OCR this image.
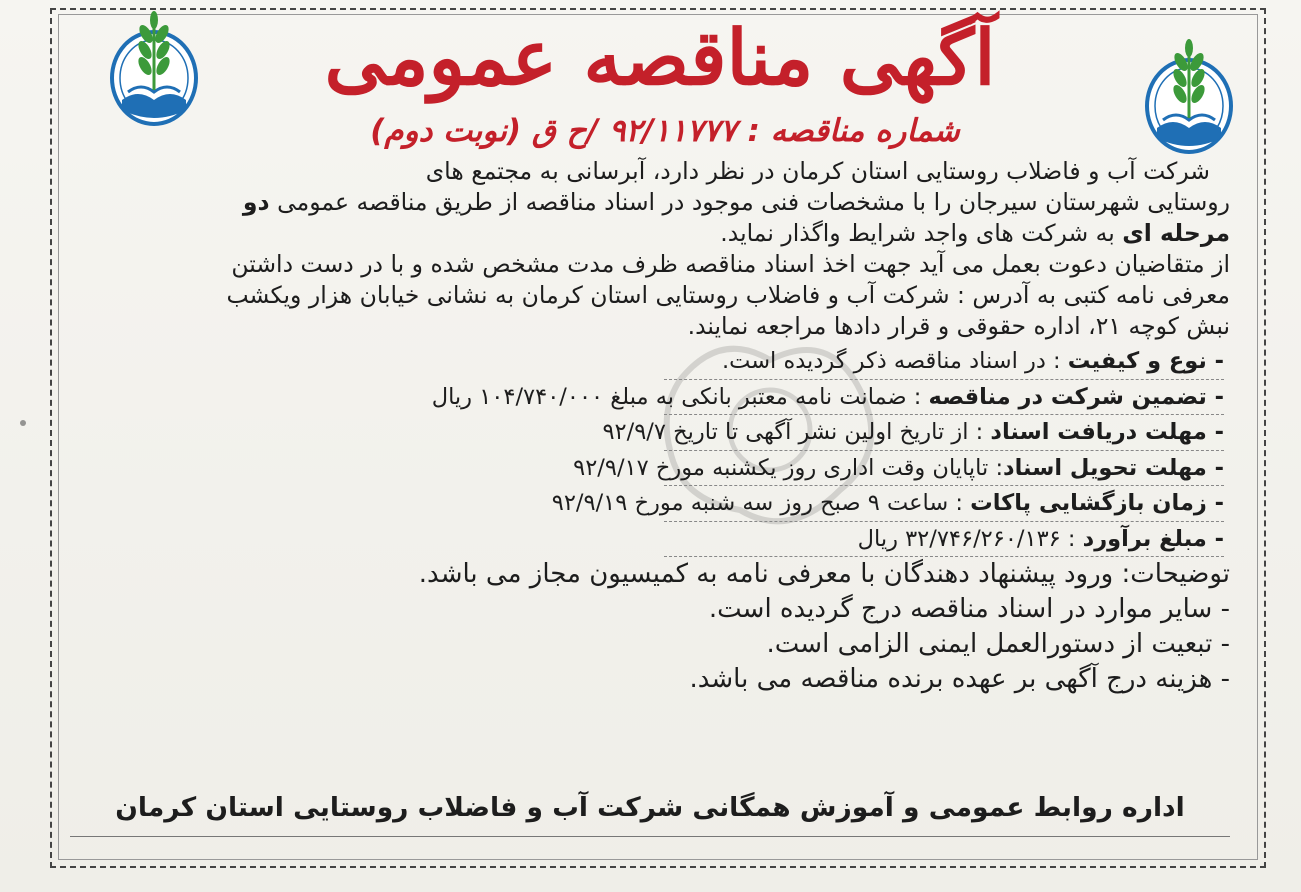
آگهی مناقصه عمومی
شماره مناقصه : ۹۲/۱۱۷۷۷ /ح ق (نوبت دوم)

شرکت آب و فاضلاب روستایی استان کرمان در نظر دارد، آبرسانی به مجتمع های
روستایی شهرستان سیرجان را با مشخصات فنی موجود در اسناد مناقصه از طریق مناقصه عمومی دو
مرحله ای به شرکت های واجد شرایط واگذار نماید.

از متقاضیان دعوت بعمل می آید جهت اخذ اسناد مناقصه ظرف مدت مشخص شده و با در دست داشتن
معرفی نامه کتبی به آدرس : شرکت آب و فاضلاب روستایی استان کرمان به نشانی خیابان هزار ویکشب
نبش کوچه ۲۱، اداره حقوقی و قرار دادها مراجعه نمایند.

- نوع و کیفیت : در اسناد مناقصه ذکر گردیده است.
- تضمین شرکت در مناقصه : ضمانت نامه معتبر بانکی به مبلغ ۱۰۴/۷۴۰/۰۰۰ ریال
- مهلت دریافت اسناد : از تاریخ اولین نشر آگهی تا تاریخ ۹۲/۹/۷
- مهلت تحویل اسناد: تاپایان وقت اداری روز یکشنبه مورخ ۹۲/۹/۱۷
- زمان بازگشایی پاکات : ساعت ۹ صبح روز سه شنبه مورخ ۹۲/۹/۱۹
- مبلغ برآورد : ۳۲/۷۴۶/۲۶۰/۱۳۶ ریال
توضیحات: ورود پیشنهاد دهندگان با معرفی نامه به کمیسیون مجاز می باشد.
- سایر موارد در اسناد مناقصه درج گردیده است.
- تبعیت از دستورالعمل ایمنی الزامی است.
- هزینه درج آگهی بر عهده برنده مناقصه می باشد.
اداره روابط عمومی و آموزش همگانی شرکت آب و فاضلاب روستایی استان کرمان
